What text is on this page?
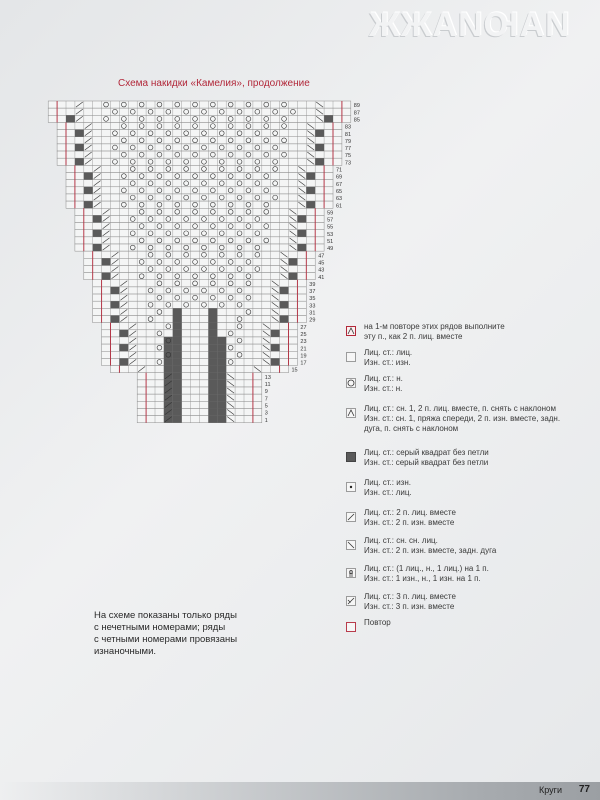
ИАЮИАЖЖ
Схема накидки «Камелия», продолжение
89
87
85
83
81
79
77
75
73
71
69
67
65
63
61
59
57
55
53
51
49
47
45
43
41
39
37
35
33
31
29
27
25
23
21
19
17
15
13
11
9
7
5
3
1
на 1-м повторе этих рядов выполните
эту п., как 2 п. лиц. вместе
Лиц. ст.: лиц.
Изн. ст.: изн.
Лиц. ст.: н.
Изн. ст.: н.
Лиц. ст.: сн. 1, 2 п. лиц. вместе, п. снять с наклоном
Изн. ст.: сн. 1, пряжа спереди, 2 п. изн. вместе, задн.
дуга, п. снять с наклоном
Лиц. ст.: серый квадрат без петли
Изн. ст.: серый квадрат без петли
Лиц. ст.: изн.
Изн. ст.: лиц.
Лиц. ст.: 2 п. лиц. вместе
Изн. ст.: 2 п. изн. вместе
Лиц. ст.: сн. сн. лиц.
Изн. ст.: 2 п. изн. вместе, задн. дуга
Лиц. ст.: (1 лиц., н., 1 лиц.) на 1 п.
Изн. ст.: 1 изн., н., 1 изн. на 1 п.
Лиц. ст.: 3 п. лиц. вместе
Изн. ст.: 3 п. изн. вместе
Повтор
На схеме показаны только ряды
с нечетными номерами; ряды
с четными номерами провязаны
изнаночными.
Круги 77
